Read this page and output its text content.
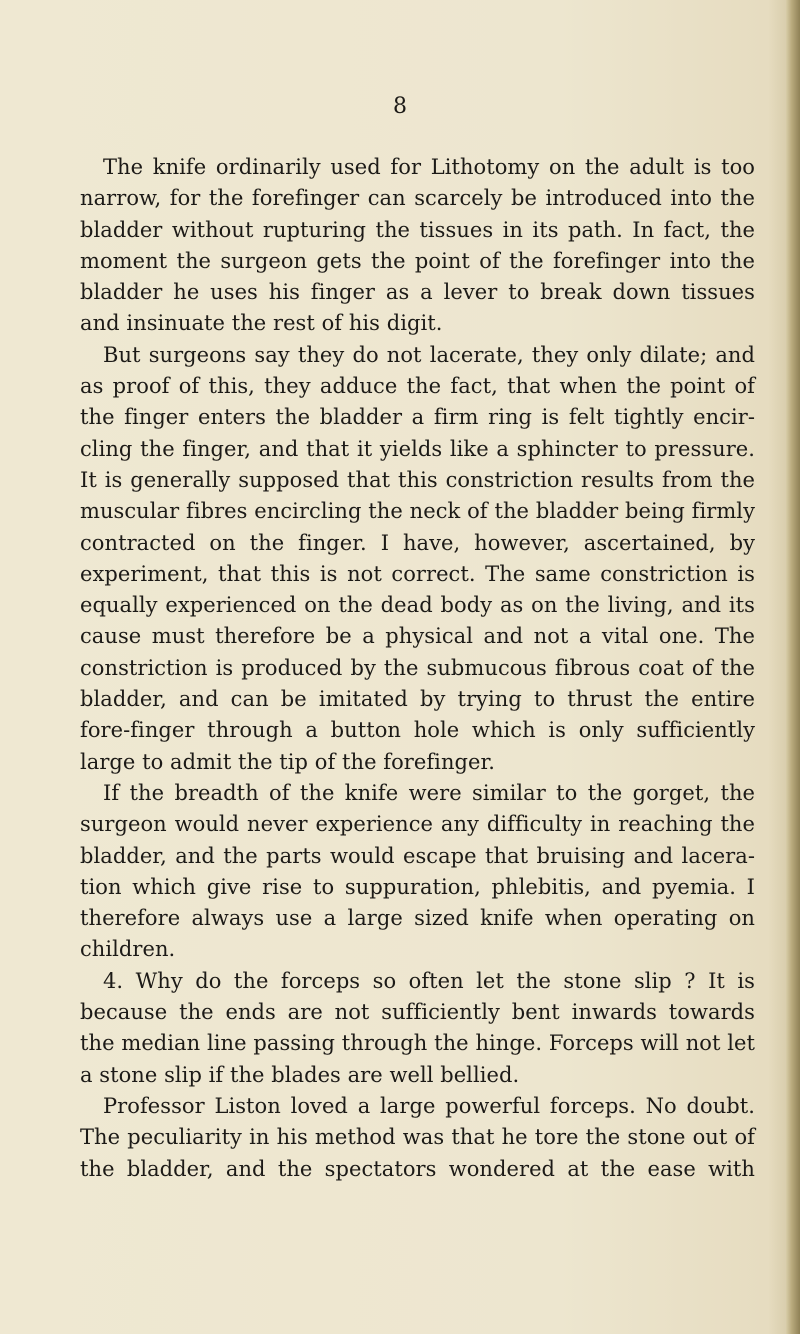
8

The knife ordinarily used for Lithotomy on the adult is too narrow, for the forefinger can scarcely be introduced into the bladder without rupturing the tissues in its path. In fact, the moment the surgeon gets the point of the forefinger into the bladder he uses his finger as a lever to break down tissues and insinuate the rest of his digit.

But surgeons say they do not lacerate, they only dilate; and as proof of this, they adduce the fact, that when the point of the finger enters the bladder a firm ring is felt tightly encir-cling the finger, and that it yields like a sphincter to pressure. It is generally supposed that this constriction results from the muscular fibres encircling the neck of the bladder being firmly contracted on the finger. I have, however, ascertained, by experiment, that this is not correct. The same constriction is equally experienced on the dead body as on the living, and its cause must therefore be a physical and not a vital one. The constriction is produced by the submucous fibrous coat of the bladder, and can be imitated by trying to thrust the entire fore-finger through a button hole which is only sufficiently large to admit the tip of the forefinger.

If the breadth of the knife were similar to the gorget, the surgeon would never experience any difficulty in reaching the bladder, and the parts would escape that bruising and lacera-tion which give rise to suppuration, phlebitis, and pyemia. I therefore always use a large sized knife when operating on children.

4. Why do the forceps so often let the stone slip ? It is because the ends are not sufficiently bent inwards towards the median line passing through the hinge. Forceps will not let a stone slip if the blades are well bellied.

Professor Liston loved a large powerful forceps. No doubt. The peculiarity in his method was that he tore the stone out of the bladder, and the spectators wondered at the ease with
